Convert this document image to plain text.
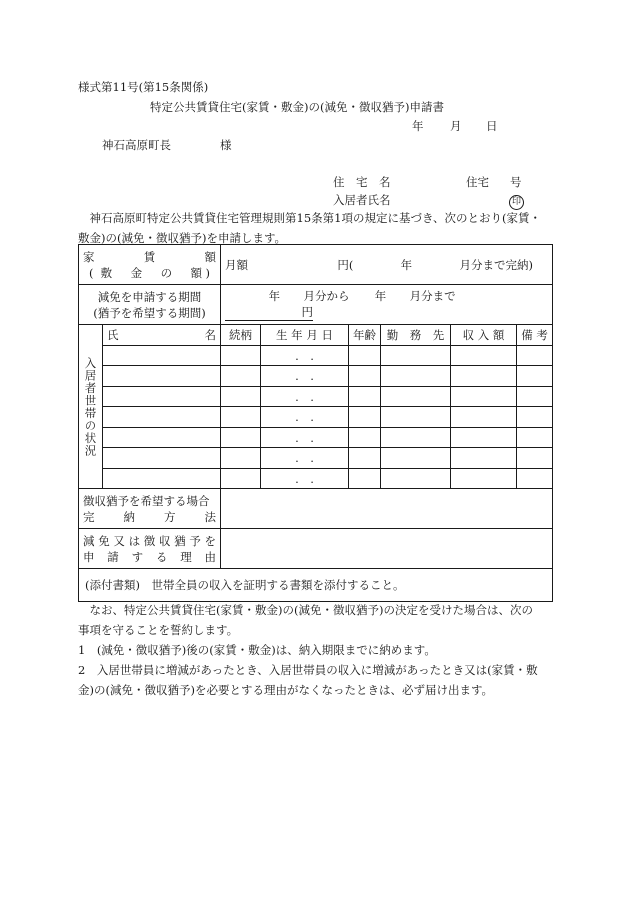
様式第11号(第15条関係)
特定公共賃貸住宅(家賃・敷金)の(減免・徴収猶予)申請書
年 月 日
神石高原町長	様
住　宅　名	住宅 号
入居者氏名	印

神石高原町特定公共賃貸住宅管理規則第15条第1項の規定に基づき、次のとおり(家賃・

敷金)の(減免・徴収猶予)を申請します。

家　　　賃　　　額
( 敷　金　の　額)		月額 円( 年 月分まで完納)					

減免を申請する期間
(猶予を希望する期間)		年 月分から 年 月分まで  円					

入居者世帯の状況	氏 名	続柄	生 年 月 日	年齢	勤　務　先	収 入 額	備 考
			.　.				
			.　.				
			.　.				
			.　.				
			.　.				
			.　.				
			.　.				

徴収猶予を希望する場合
完　　納　　方　　法							

減免又は徴収猶予を
申　請　す　る　理　由							

(添付書類)　世帯全員の収入を証明する書類を添付すること。							

なお、特定公共賃貸住宅(家賃・敷金)の(減免・徴収猶予)の決定を受けた場合は、次の

事項を守ることを誓約します。

1　(減免・徴収猶予)後の(家賃・敷金)は、納入期限までに納めます。

2　入居世帯員に増減があったとき、入居世帯員の収入に増減があったとき又は(家賃・敷

金)の(減免・徴収猶予)を必要とする理由がなくなったときは、必ず届け出ます。
